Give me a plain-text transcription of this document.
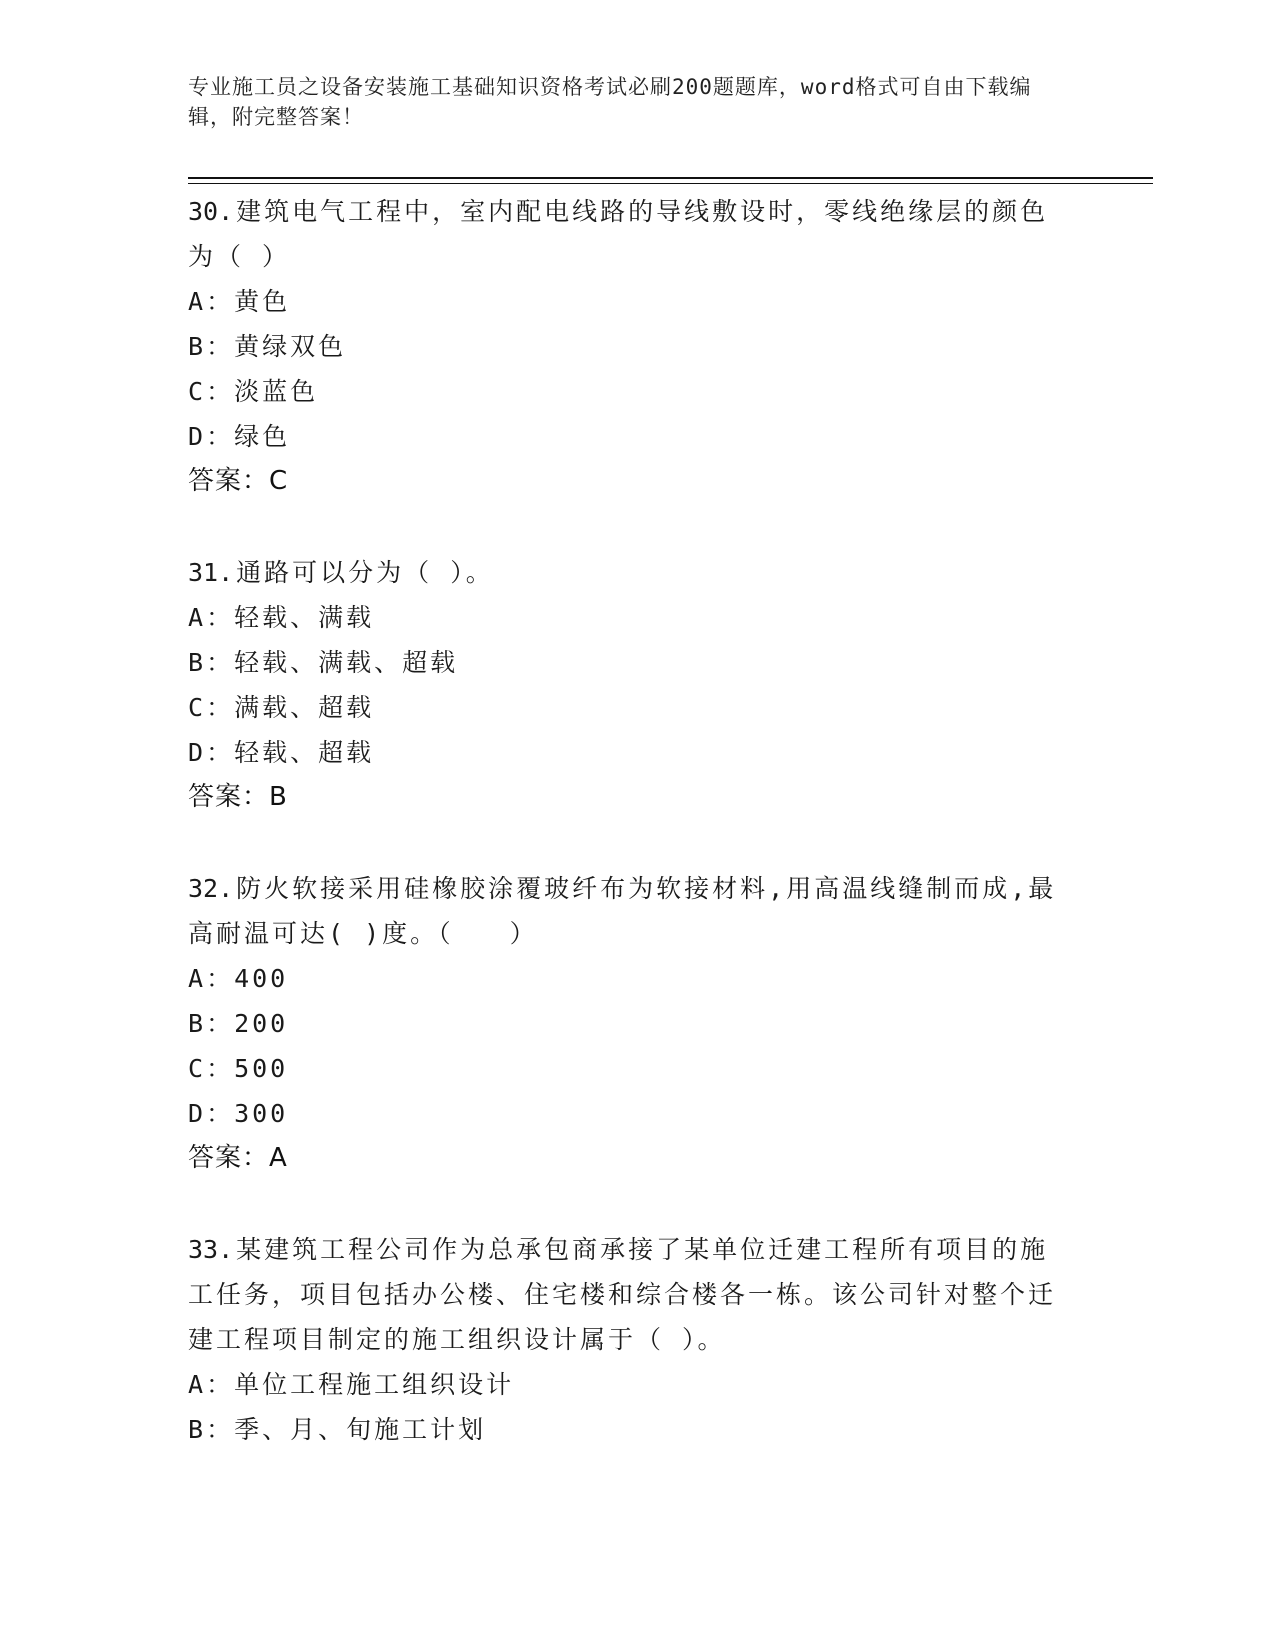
专业施工员之设备安装施工基础知识资格考试必刷200题题库，word格式可自由下载编辑，附完整答案！
30.建筑电气工程中，室内配电线路的导线敷设时，零线绝缘层的颜色为（ ）
A：黄色
B：黄绿双色
C：淡蓝色
D：绿色
答案：C
31.通路可以分为（ ）。
A：轻载、满载
B：轻载、满载、超载
C：满载、超载
D：轻载、超载
答案：B
32.防火软接采用硅橡胶涂覆玻纤布为软接材料,用高温线缝制而成,最高耐温可达( )度。（　　）
A：400
B：200
C：500
D：300
答案：A
33.某建筑工程公司作为总承包商承接了某单位迁建工程所有项目的施工任务，项目包括办公楼、住宅楼和综合楼各一栋。该公司针对整个迁建工程项目制定的施工组织设计属于（ ）。
A：单位工程施工组织设计
B：季、月、旬施工计划
